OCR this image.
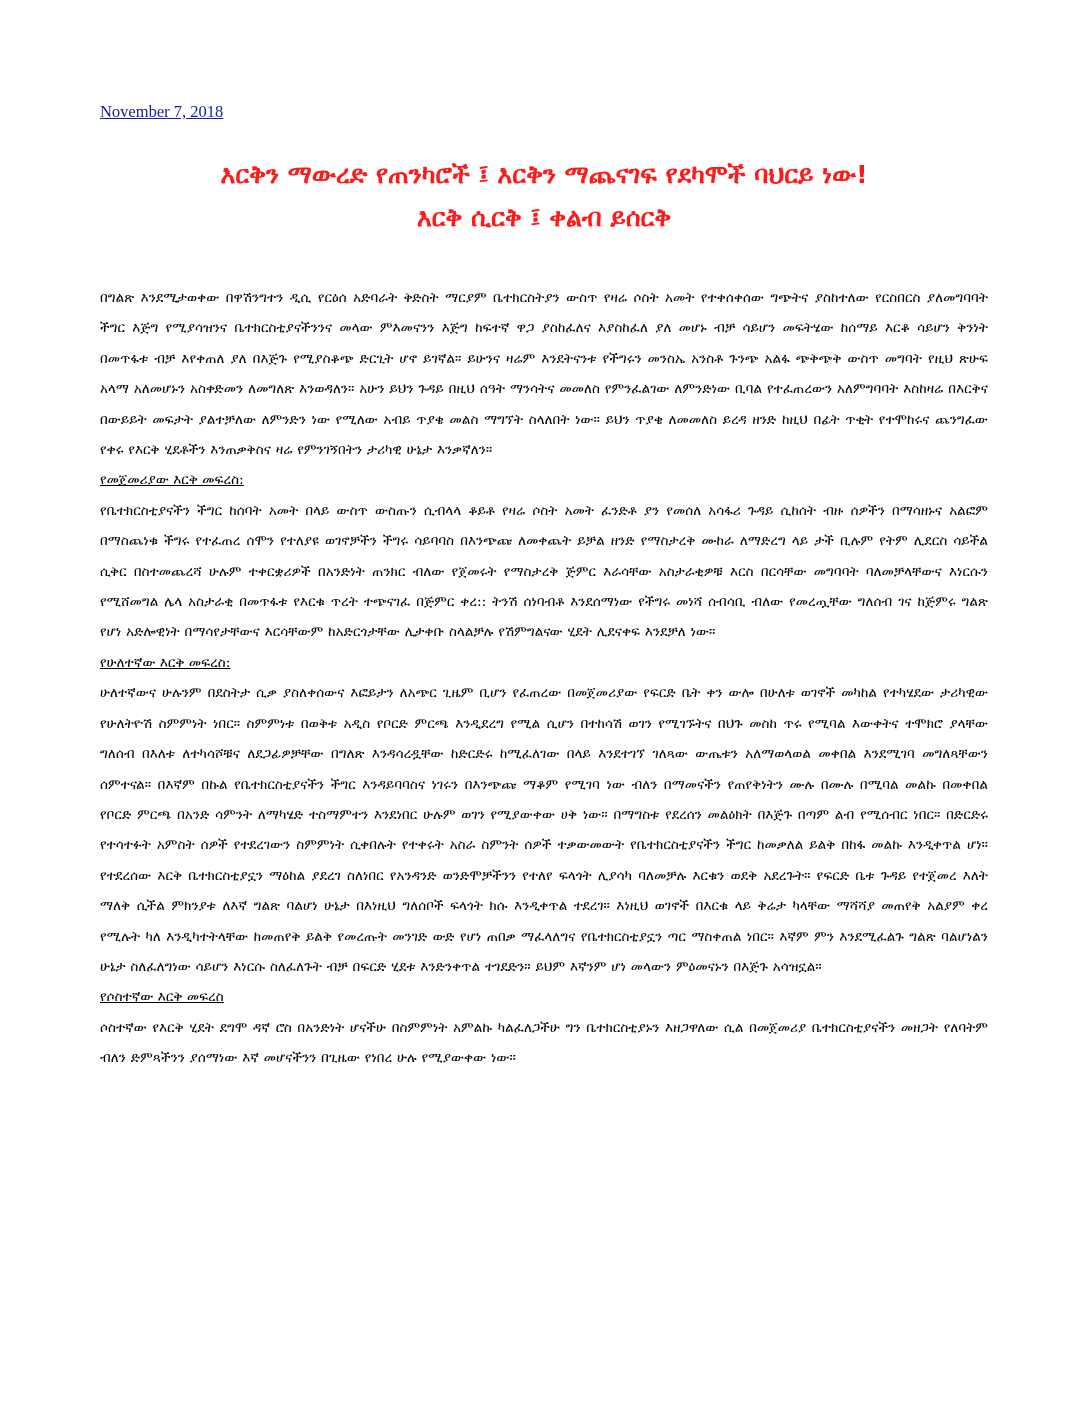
November 7, 2018
እርቅን ማውረድ የጠንካሮች ፤ እርቅን ማጨናገፍ የደካሞች ባህርይ ነው!
እርቅ ሲርቅ ፤ ቀልብ ይሰርቅ

በግልጽ እንደሚታወቀው በዋሽንግተን ዲሲ የርዕሰ አድባራት ቅድስት ማርያም ቤተክርስትያን ውስጥ የዛሬ ሶስት አመት የተቀሰቀሰው ግጭትና ያስከተለው የርስበርስ ያለመግባባት ችግር እጅግ የሚያሳዝንና ቤተክርስቲያናችንንና መላው ምእመናንን እጅግ ከፍተኛ ዋጋ ያስከፈለና እያስከፈለ ያለ መሆኑ ብቻ ሳይሆን መፍትሄው ከሰማይ እርቆ ሳይሆን ቅንነት በመጥፋቱ ብቻ እየቀጠለ ያለ በእጅጉ የሚያስቆጭ ድርጊት ሆኖ ይገኛል። ይሁንና ዛሬም እንደትናንቱ የችግሩን መንስኤ አንስቶ ጉንጭ አልፋ ጭቅጭቅ ውስጥ መግባት የዚህ ጽሁፍ አላማ አለመሆኑን አስቀድመን ለመግለጽ እንወዳለን። አሁን ይህን ጉዳይ በዚህ ሰዓት ማንሳትና መመለስ የምንፈልገው ለምንድነው ቢባል የተፈጠረውን አለምግባባት እስከዛሬ በእርቅና በውይይት መፍታት ያልተቻለው ለምንድን ነው የሚለው አብይ ጥያቄ መልስ ማግኘት ስላለበት ነው። ይህን ጥያቄ ለመመለስ ይረዳ ዘንድ ከዚህ በፊት ጥቂት የተሞከሩና ጨንግፈው የቀሩ የእርቅ ሂደቶችን እንጠቃቅስና ዛሬ የምንገኝበትን ታሪካዊ ሁኔታ እንቃኛለን።

የመጀመሪያው እርቅ መፍረስ:

የቤተክርስቲያናችን ችግር ከሰባት አመት በላይ ውስጥ ውስጡን ሲብላላ ቆይቶ የዛሬ ሶስት አመት ፈንድቶ ያን የመሰለ አሳፋሪ ጉዳይ ሲከሰት ብዙ ሰዎችን በማሳዘኑና አልፎም በማስጨነቁ ችግሩ የተፈጠረ ሰሞን የተለያዩ ወገኖቻችን ችግሩ ሳይባባስ በእንጭጩ ለመቀጨት ይቻል ዘንድ የማስታረቅ ሙከራ ለማድረግ ላይ ታች ቢሉም የትም ሊደርስ ሳይችል ሲቅር በስተመጨረሻ ሁሉም ተቀርቋሪዎች በአንድነት ጠንክር ብለው የጀመሩት የማስታረቅ ጅምር እራሳቸው አስታራቂዎቹ እርስ በርሳቸው መግባባት ባለመቻላቸውና እነርሱን የሚሸመግል ሌላ አስታራቂ በመጥፋቱ የእርቁ ጥረት ተጭናገፈ በጅምር ቀረ:: ትንሽ ሰነባብቶ እንደሰማነው የችግሩ መነሻ ሰብሳቢ ብለው የመረጧቸው ግለሰብ ገና ከጅምሩ ግልጽ የሆነ አድሎዊነት በማሳየታቸውና እርሳቸውም ከአድርጎታቸው ሊታቀቡ ስላልቻሉ የሽምግልናው ሂደት ሊደናቀፍ እንደቻለ ነው።

የሁለተኛው እርቅ መፍረስ:

ሁለተኛውና ሁሉንም በደስትታ ሲቃ ያስለቀሰውና እፎይታን ለአጭር ጊዜም ቢሆን የፈጠረው በመጀመሪያው የፍርድ ቤት ቀን ውሎ በሁለቱ ወገኖች መካከል የተካሄደው ታሪካዊው የሁለትዮሽ ስምምነት ነበር። ስምምነቱ በወቅቱ አዲስ የቦርድ ምርጫ እንዲደረግ የሚል ሲሆን በተከሳሽ ወገን የሚገኙትና በህጉ መስከ ጥሩ የሚባል እውቀትና ተሞክሮ ያላቸው ግለሰብ በእለቱ ለተካሳሾቹና ለደጋፊዎቻቸው በግለጽ እንዳሳረዷቸው ከድርድሩ ከሚፈለገው በላይ እንደተገኘ ገለጻው ውጤቱን አለማወላወል መቀበል እንደሚገባ መግለጻቸውን ሰምተናል። በእኛም በኩል የቤተክርስቲያናችን ችግር እንዳይባባስና ነገሩን በእንጭጩ ማቆም የሚገባ ነው ብለን በማመናችን የጠየቅነትን ሙሉ በሙሉ በሚባል መልኩ በመቀበል የቦርድ ምርጫ በአንድ ሳምንት ለማካሄድ ተስማምተን እንደነበር ሁሉም ወገን የሚያውቀው ሀቅ ነው። በማግስቱ የደረሰን መልዕክት በእጅጉ በጣም ልብ የሚሰብር ነበር። በድርድሩ የተሳተፉት አምስት ሰዎች የተደረገውን ስምምነት ሲቀበሉት የተቀሩት አስራ ስምንት ሰዎች ተቃውመውት የቤተክርስቲያናችን ችግር ከመቃለል ይልቅ በከፋ መልኩ እንዲቀጥል ሆነ። የተደረሰው እርቅ ቤተክርስቲያኗን ማዕከል ያደረገ ስለነበር የአንዳንድ ወንድሞቻችንን የተለየ ፍላጎት ሊያሳካ ባለመቻሉ እርቁን ወደቅ አደረጉት። የፍርድ ቤቱ ጉዳይ የተጀመረ እለት ማለቅ ሲችል ምክንያቱ ለእኛ ግልጽ ባልሆነ ሁኔታ በእነዚህ ግለሰቦች ፍላጎት ክሱ እንዲቀጥል ተደረገ። እነዚህ ወገኖች በእርቁ ላይ ቅሬታ ካላቸው ማሻሻያ መጠየቅ አልያም ቀረ የሚሉት ካለ እንዲካተትላቸው ከመጠየቅ ይልቅ የመረጡት መንገድ ውድ የሆነ ጠበቃ ማፈላለግና የቤተክርስቲያኗን ጣር ማስቀጠል ነበር። እኛም ምን እንደሚፈልጉ ግልጽ ባልሆነልን ሁኔታ ስለፈለግነው ሳይሆን እነርሱ ስለፈለጉት ብቻ በፍርድ ሂደቱ እንድንቀጥል ተገደድን። ይህም እኛንም ሆነ መላውን ምዕመናኑን በእጅጉ አሳዝኗል።

የሶስተኛው እርቅ መፍረስ

ሶስተኛው የእርቅ ሂደት ደግሞ ዳኛ ሮስ በአንድነት ሆናችሁ በስምምነት አምልኩ ካልፈለጋችሁ ግን ቤተክርስቲያኑን እዘጋዋለው ሲል በመጀመሪያ ቤተክርስቲያናችን መዘጋት የለባትም ብለን ድምጻችንን ያሰማነው እኛ መሆናችንን በጊዜው የነበረ ሁሉ የሚያውቀው ነው።
